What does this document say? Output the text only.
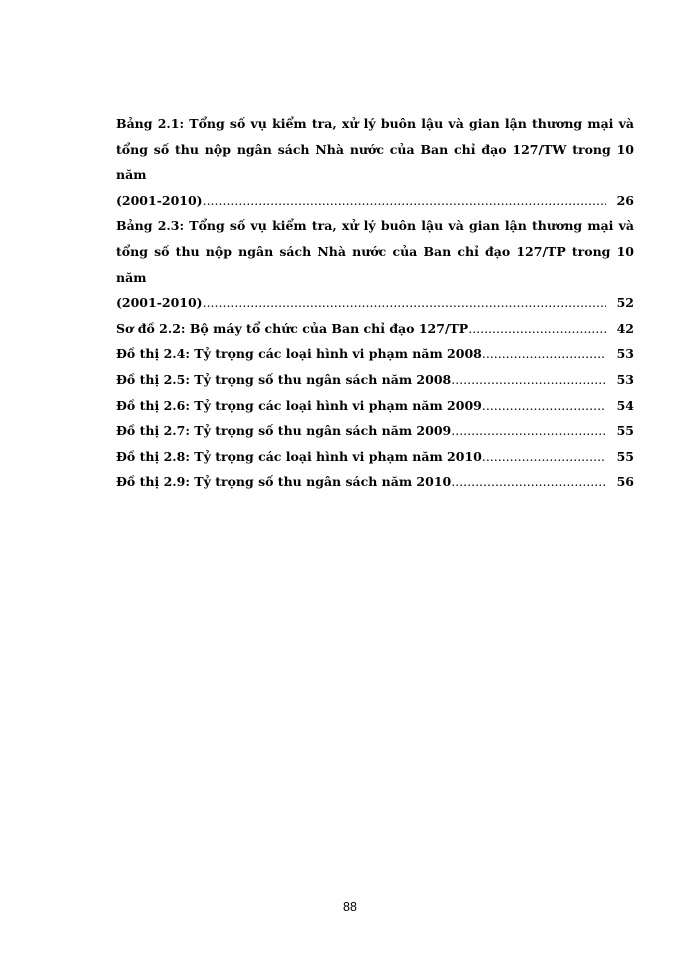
Bảng 2.1: Tổng số vụ kiểm tra, xử lý buôn lậu và gian lận thương mại và
tổng số thu nộp ngân sách Nhà nước của Ban chỉ đạo 127/TW trong 10 năm
(2001-2010) .....	26
Bảng 2.3: Tổng số vụ kiểm tra, xử lý buôn lậu và gian lận thương mại và
tổng số thu nộp ngân sách Nhà nước của Ban chỉ đạo 127/TP trong 10 năm
(2001-2010) .....	52
Sơ đồ 2.2: Bộ máy tổ chức của Ban chỉ đạo 127/TP .....	42
Đồ thị 2.4: Tỷ trọng các loại hình vi phạm năm 2008 .....	53
Đồ thị 2.5: Tỷ trọng số thu ngân sách năm 2008 .....	53
Đồ thị 2.6: Tỷ trọng các loại hình vi phạm năm 2009 .....	54
Đồ thị 2.7: Tỷ trọng số thu ngân sách năm 2009 .....	55
Đồ thị 2.8: Tỷ trọng các loại hình vi phạm năm 2010 .....	55
Đồ thị 2.9: Tỷ trọng số thu ngân sách năm 2010 .....	56
88
